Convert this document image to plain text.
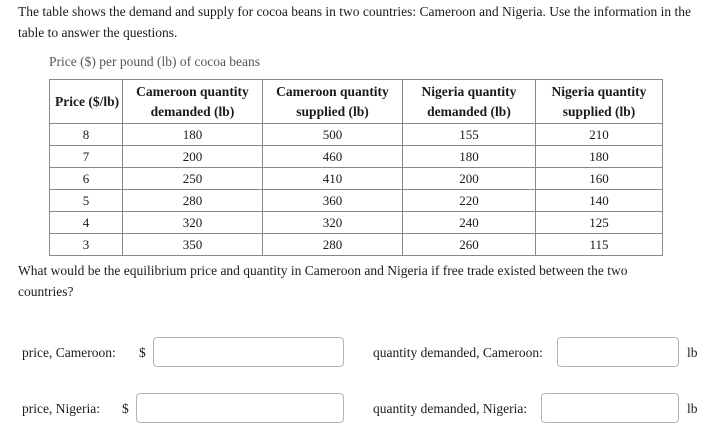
The table shows the demand and supply for cocoa beans in two countries: Cameroon and Nigeria. Use the information in the table to answer the questions.
Price ($) per pound (lb) of cocoa beans
Price ($/lb)	Cameroon quantity demanded (lb)	Cameroon quantity supplied (lb)	Nigeria quantity demanded (lb)	Nigeria quantity supplied (lb)
8	180	500	155	210
7	200	460	180	180
6	250	410	200	160
5	280	360	220	140
4	320	320	240	125
3	350	280	260	115
What would be the equilibrium price and quantity in Cameroon and Nigeria if free trade existed between the two countries?
price, Cameroon: $	quantity demanded, Cameroon:	lb
price, Nigeria: $	quantity demanded, Nigeria:	lb
